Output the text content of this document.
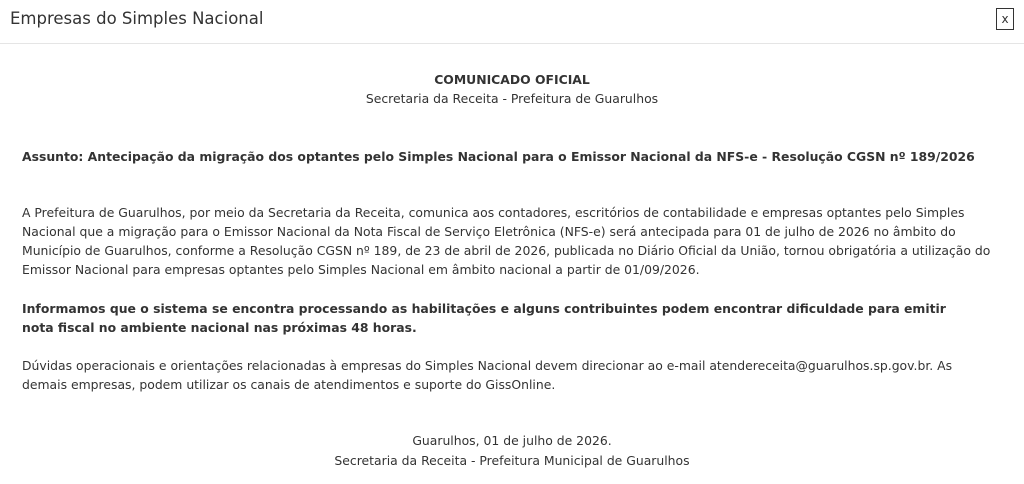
Empresas do Simples Nacional	x
COMUNICADO OFICIAL
Secretaria da Receita - Prefeitura de Guarulhos
Assunto: Antecipação da migração dos optantes pelo Simples Nacional para o Emissor Nacional da NFS-e - Resolução CGSN nº 189/2026

A Prefeitura de Guarulhos, por meio da Secretaria da Receita, comunica aos contadores, escritórios de contabilidade e empresas optantes pelo Simples Nacional que a migração para o Emissor Nacional da Nota Fiscal de Serviço Eletrônica (NFS-e) será antecipada para 01 de julho de 2026 no âmbito do Município de Guarulhos, conforme a Resolução CGSN nº 189, de 23 de abril de 2026, publicada no Diário Oficial da União, tornou obrigatória a utilização do Emissor Nacional para empresas optantes pelo Simples Nacional em âmbito nacional a partir de 01/09/2026.

Informamos que o sistema se encontra processando as habilitações e alguns contribuintes podem encontrar dificuldade para emitir nota fiscal no ambiente nacional nas próximas 48 horas.

Dúvidas operacionais e orientações relacionadas à empresas do Simples Nacional devem direcionar ao e-mail atendereceita@guarulhos.sp.gov.br. As demais empresas, podem utilizar os canais de atendimentos e suporte do GissOnline.

Guarulhos, 01 de julho de 2026.
Secretaria da Receita - Prefeitura Municipal de Guarulhos
